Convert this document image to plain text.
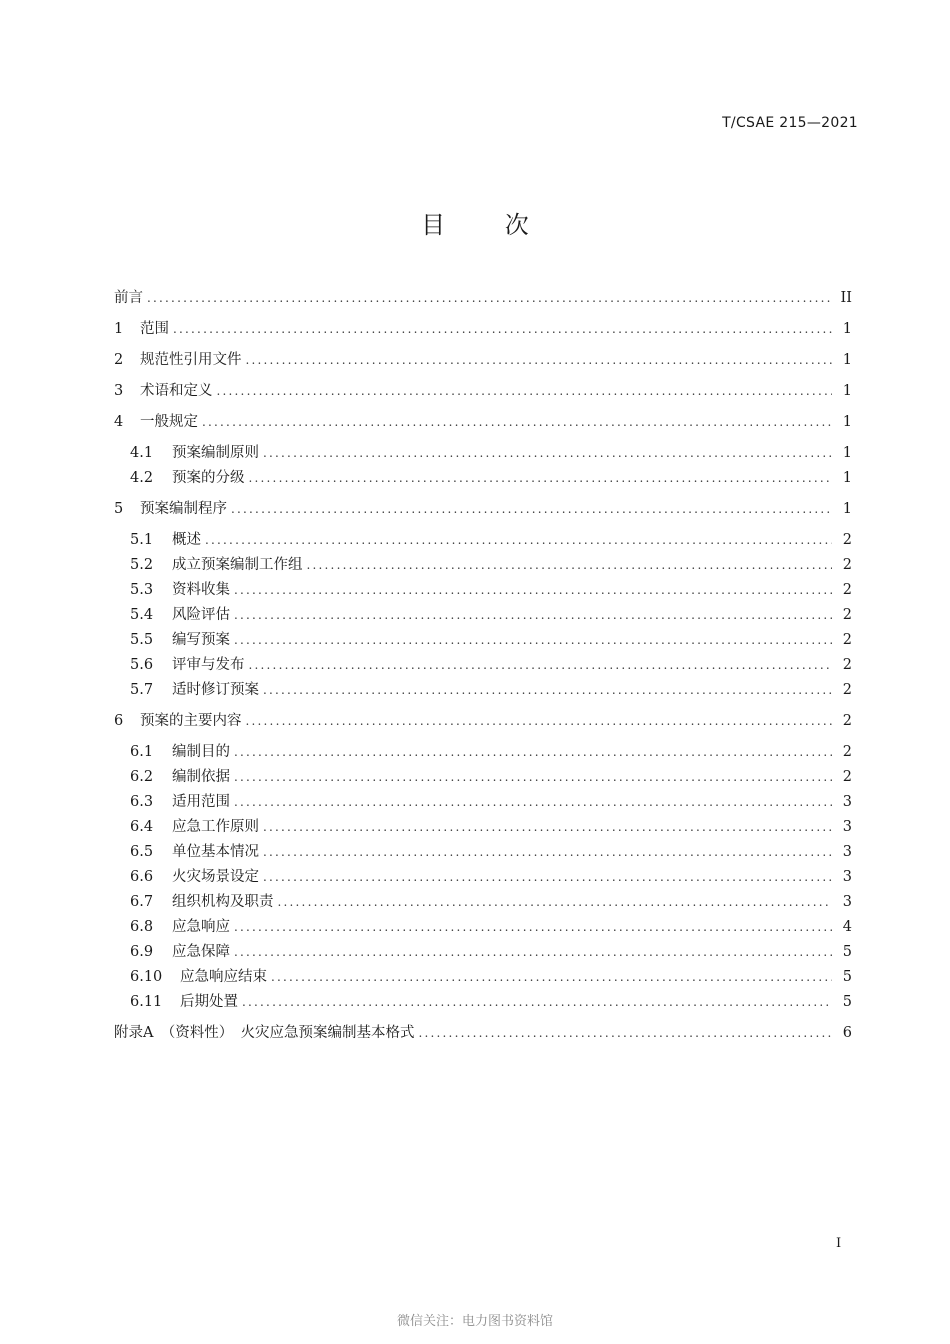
T/CSAE 215—2021
目 次
前言 .....	II
1	范围 .....	1
2	规范性引用文件 .....	1
3	术语和定义 .....	1
4	一般规定 .....	1
4.1	预案编制原则 .....	1
4.2	预案的分级 .....	1
5	预案编制程序 .....	1
5.1	概述 .....	2
5.2	成立预案编制工作组 .....	2
5.3	资料收集 .....	2
5.4	风险评估 .....	2
5.5	编写预案 .....	2
5.6	评审与发布 .....	2
5.7	适时修订预案 .....	2
6	预案的主要内容 .....	2
6.1	编制目的 .....	2
6.2	编制依据 .....	2
6.3	适用范围 .....	3
6.4	应急工作原则 .....	3
6.5	单位基本情况 .....	3
6.6	火灾场景设定 .....	3
6.7	组织机构及职责 .....	3
6.8	应急响应 .....	4
6.9	应急保障 .....	5
6.10	应急响应结束 .....	5
6.11	后期处置 .....	5
附录A　（资料性）　火灾应急预案编制基本格式 .....	6
I
微信关注：电力图书资料馆
